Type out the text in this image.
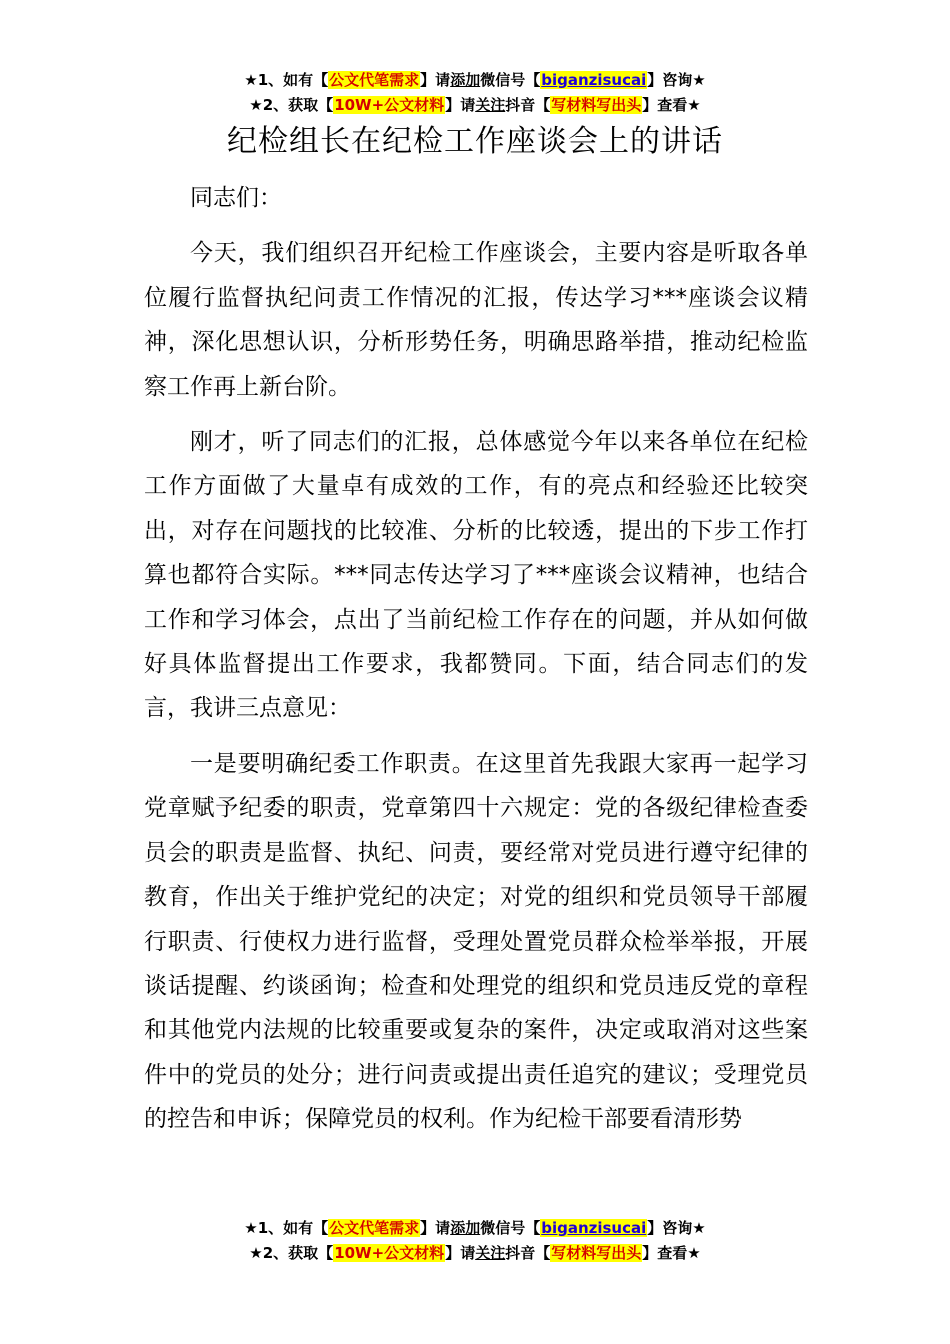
★1、如有【公文代笔需求】请添加微信号【biganzisucai】咨询★
★2、获取【10W+公文材料】请关注抖音【写材料写出头】查看★
纪检组长在纪检工作座谈会上的讲话

同志们：

今天，我们组织召开纪检工作座谈会，主要内容是听取各单位履行监督执纪问责工作情况的汇报，传达学习***座谈会议精神，深化思想认识，分析形势任务，明确思路举措，推动纪检监察工作再上新台阶。

刚才，听了同志们的汇报，总体感觉今年以来各单位在纪检工作方面做了大量卓有成效的工作，有的亮点和经验还比较突出，对存在问题找的比较准、分析的比较透，提出的下步工作打算也都符合实际。***同志传达学习了***座谈会议精神，也结合工作和学习体会，点出了当前纪检工作存在的问题，并从如何做好具体监督提出工作要求，我都赞同。下面，结合同志们的发言，我讲三点意见：

一是要明确纪委工作职责。在这里首先我跟大家再一起学习党章赋予纪委的职责，党章第四十六规定：党的各级纪律检查委员会的职责是监督、执纪、问责，要经常对党员进行遵守纪律的教育，作出关于维护党纪的决定；对党的组织和党员领导干部履行职责、行使权力进行监督，受理处置党员群众检举举报，开展谈话提醒、约谈函询；检查和处理党的组织和党员违反党的章程和其他党内法规的比较重要或复杂的案件，决定或取消对这些案件中的党员的处分；进行问责或提出责任追究的建议；受理党员的控告和申诉；保障党员的权利。作为纪检干部要看清形势

★1、如有【公文代笔需求】请添加微信号【biganzisucai】咨询★
★2、获取【10W+公文材料】请关注抖音【写材料写出头】查看★
